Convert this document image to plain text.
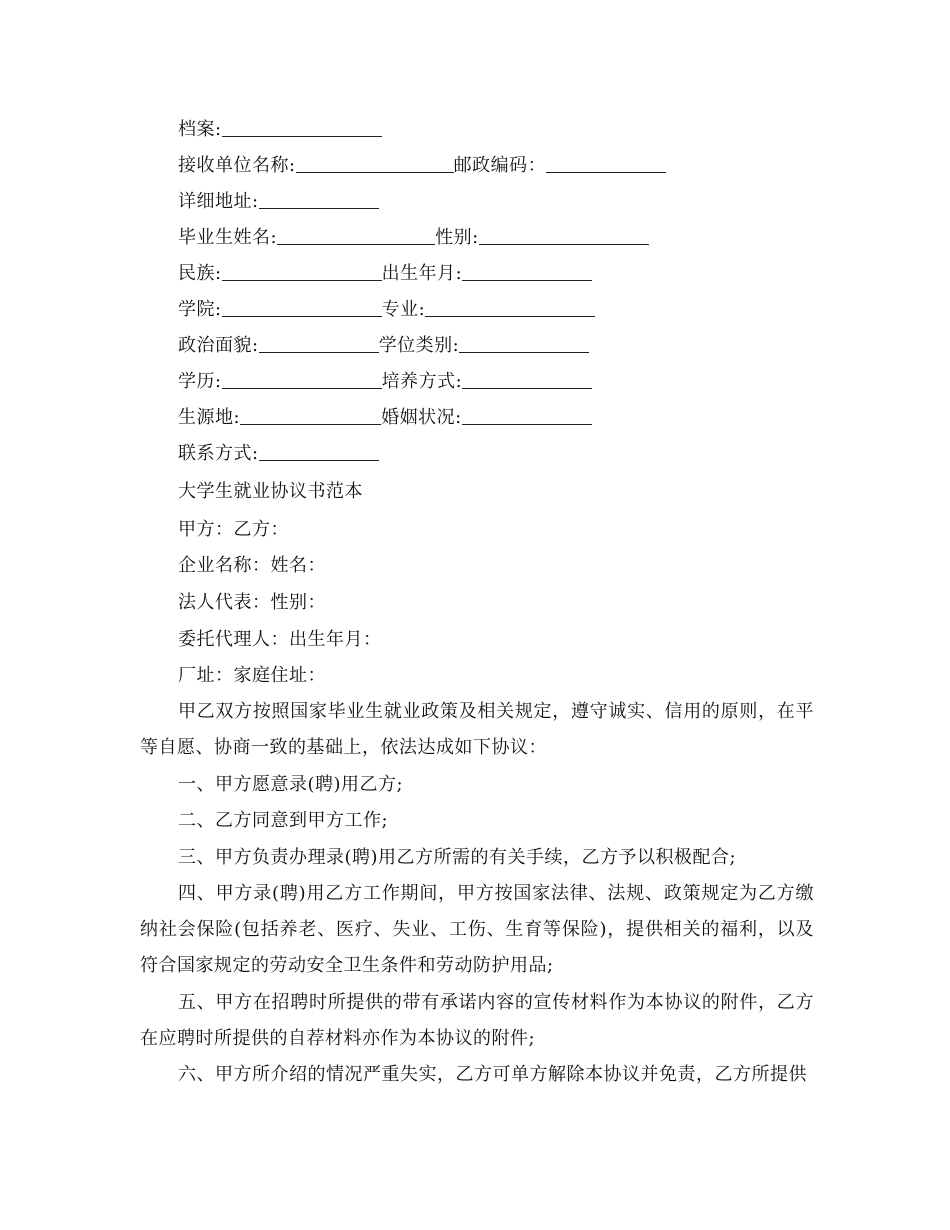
档案:
接收单位名称:	邮政编码：
详细地址:
毕业生姓名:	性别:
民族:	出生年月:
学院:	专业:
政治面貌:	学位类别:
学历:	培养方式:
生源地:	婚姻状况:
联系方式:
大学生就业协议书范本
甲方：乙方：
企业名称：姓名：
法人代表：性别：
委托代理人：出生年月：
厂址：家庭住址：
甲乙双方按照国家毕业生就业政策及相关规定，遵守诚实、信用的原则，在平等自愿、协商一致的基础上，依法达成如下协议：
一、甲方愿意录(聘)用乙方;
二、乙方同意到甲方工作;
三、甲方负责办理录(聘)用乙方所需的有关手续，乙方予以积极配合;
四、甲方录(聘)用乙方工作期间，甲方按国家法律、法规、政策规定为乙方缴纳社会保险(包括养老、医疗、失业、工伤、生育等保险)，提供相关的福利，以及符合国家规定的劳动安全卫生条件和劳动防护用品;
五、甲方在招聘时所提供的带有承诺内容的宣传材料作为本协议的附件，乙方在应聘时所提供的自荐材料亦作为本协议的附件;
六、甲方所介绍的情况严重失实，乙方可单方解除本协议并免责，乙方所提供
